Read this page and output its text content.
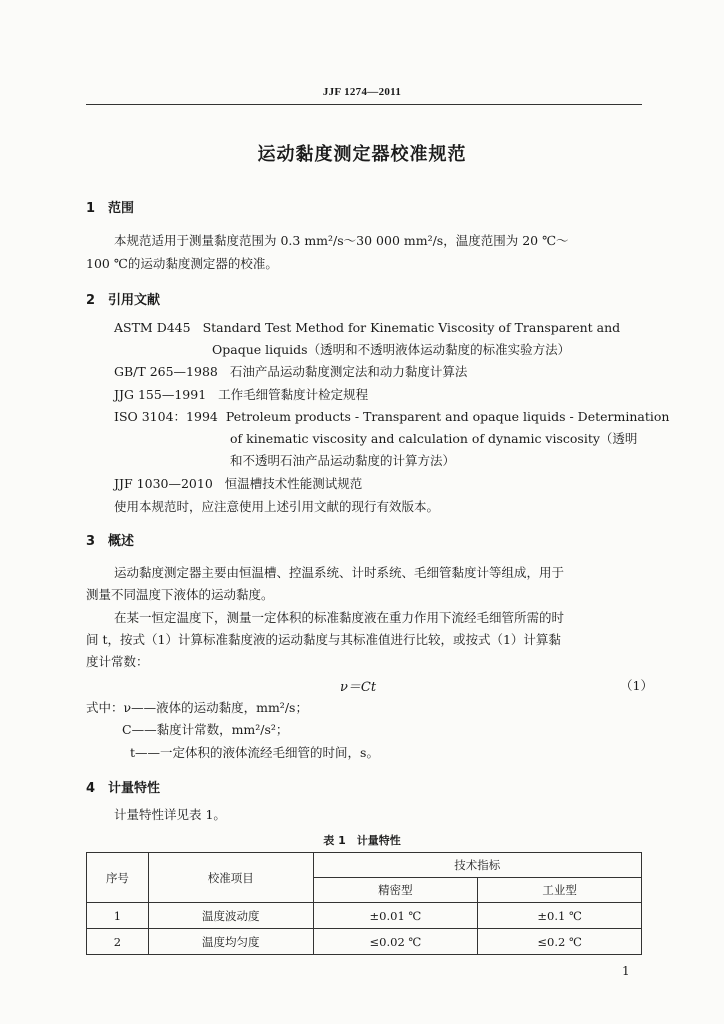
JJF 1274—2011
运动黏度测定器校准规范
1 范围
本规范适用于测量黏度范围为 0.3 mm²/s～30 000 mm²/s，温度范围为 20 ℃～
100 ℃的运动黏度测定器的校准。
2 引用文献
ASTM D445 Standard Test Method for Kinematic Viscosity of Transparent and
Opaque liquids（透明和不透明液体运动黏度的标准实验方法）
GB/T 265—1988 石油产品运动黏度测定法和动力黏度计算法
JJG 155—1991 工作毛细管黏度计检定规程
ISO 3104：1994 Petroleum products - Transparent and opaque liquids - Determination
of kinematic viscosity and calculation of dynamic viscosity（透明
和不透明石油产品运动黏度的计算方法）
JJF 1030—2010 恒温槽技术性能测试规范
使用本规范时，应注意使用上述引用文献的现行有效版本。
3 概述
运动黏度测定器主要由恒温槽、控温系统、计时系统、毛细管黏度计等组成，用于
测量不同温度下液体的运动黏度。
在某一恒定温度下，测量一定体积的标准黏度液在重力作用下流经毛细管所需的时
间 t，按式（1）计算标准黏度液的运动黏度与其标准值进行比较，或按式（1）计算黏
度计常数：
ν＝Ct	（1）
式中：ν——液体的运动黏度，mm²/s；
C——黏度计常数，mm²/s²；
t——一定体积的液体流经毛细管的时间，s。
4 计量特性
计量特性详见表 1。
表 1　计量特性
序号	校准项目	技术指标	
		精密型	工业型
1	温度波动度	±0.01 ℃	±0.1 ℃
2	温度均匀度	≤0.02 ℃	≤0.2 ℃
1
